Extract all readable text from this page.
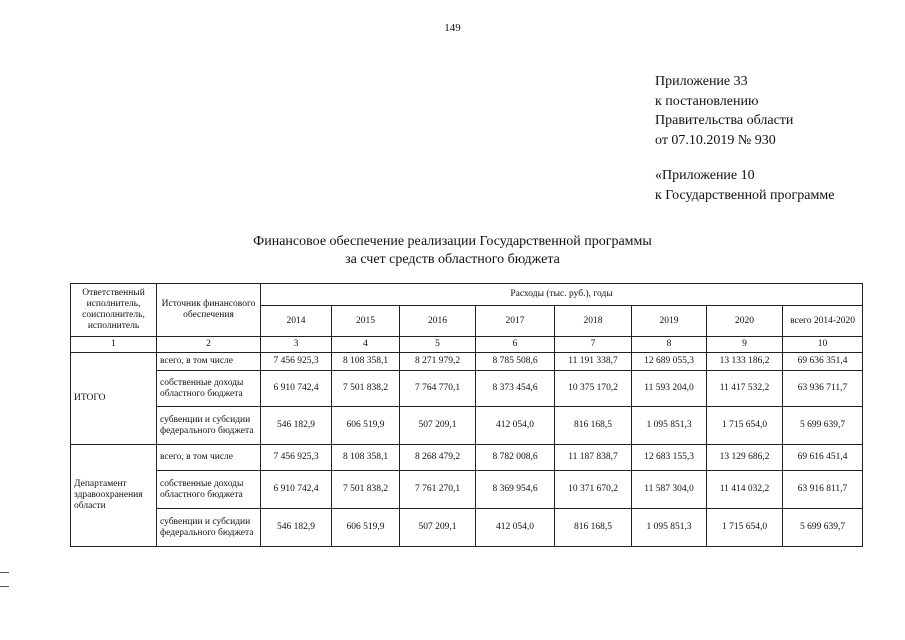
149
Приложение 33
к постановлению
Правительства области
от 07.10.2019 № 930
«Приложение 10
к Государственной программе
Финансовое обеспечение реализации Государственной программы
за счет средств областного бюджета
Ответственный исполнитель, соисполнитель, исполнитель	Источник финансового обеспечения	Расходы (тыс. руб.), годы							
		2014	2015	2016	2017	2018	2019	2020	всего 2014-2020
1	2	3	4	5	6	7	8	9	10
ИТОГО	всего, в том числе	7 456 925,3	8 108 358,1	8 271 979,2	8 785 508,6	11 191 338,7	12 689 055,3	13 133 186,2	69 636 351,4
	собственные доходы областного бюджета	6 910 742,4	7 501 838,2	7 764 770,1	8 373 454,6	10 375 170,2	11 593 204,0	11 417 532,2	63 936 711,7
	субвенции и субсидии федерального бюджета	546 182,9	606 519,9	507 209,1	412 054,0	816 168,5	1 095 851,3	1 715 654,0	5 699 639,7
Департамент здравоохранения области	всего, в том числе	7 456 925,3	8 108 358,1	8 268 479,2	8 782 008,6	11 187 838,7	12 683 155,3	13 129 686,2	69 616 451,4
	собственные доходы областного бюджета	6 910 742,4	7 501 838,2	7 761 270,1	8 369 954,6	10 371 670,2	11 587 304,0	11 414 032,2	63 916 811,7
	субвенции и субсидии федерального бюджета	546 182,9	606 519,9	507 209,1	412 054,0	816 168,5	1 095 851,3	1 715 654,0	5 699 639,7
